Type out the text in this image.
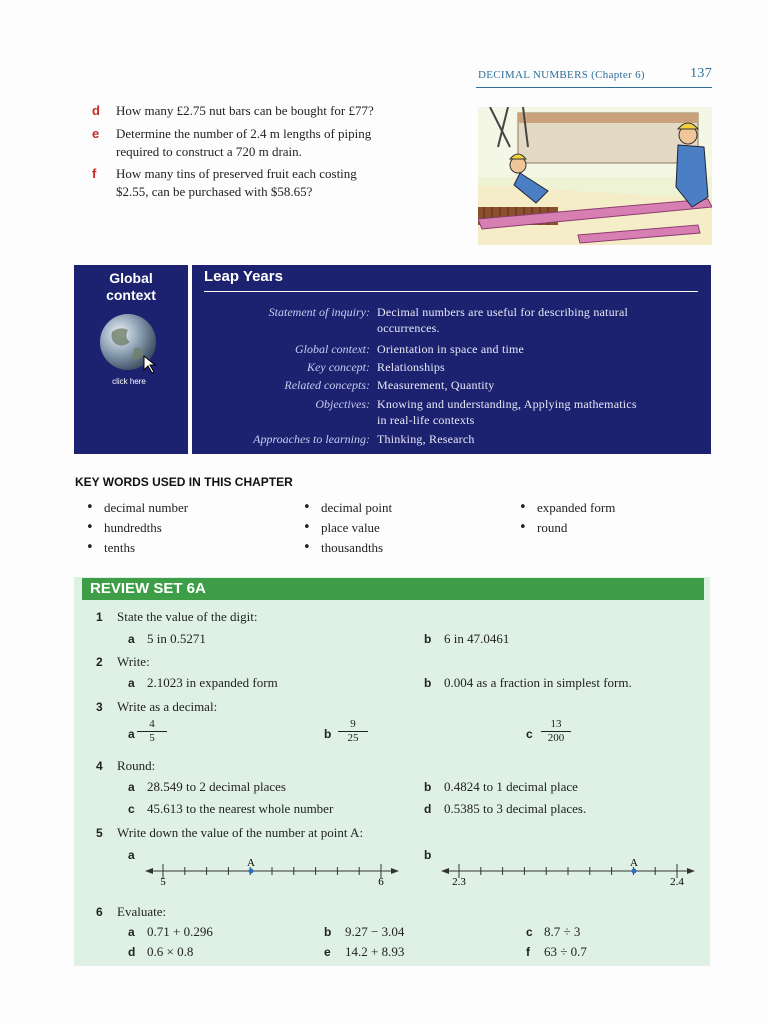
DECIMAL NUMBERS (Chapter 6)	137
d How many £2.75 nut bars can be bought for £77?
e Determine the number of 2.4 m lengths of piping
required to construct a 720 m drain.
f How many tins of preserved fruit each costing
$2.55, can be purchased with $58.65?
Global context
click here
Leap Years
Statement of inquiry: Decimal numbers are useful for describing natural
occurrences.
Global context: Orientation in space and time
Key concept: Relationships
Related concepts: Measurement, Quantity
Objectives: Knowing and understanding, Applying mathematics
in real-life contexts
Approaches to learning: Thinking, Research
KEY WORDS USED IN THIS CHAPTER
• decimal number
• hundredths
• tenths
• decimal point
• place value
• thousandths
• expanded form
• round
REVIEW SET 6A
1 State the value of the digit:
a 5 in 0.5271	b 6 in 47.0461
2 Write:
a 2.1023 in expanded form	b 0.004 as a fraction in simplest form.
3 Write as a decimal:
a $\frac{4}{5}$	b $\frac{9}{25}$	c $\frac{13}{200}$
4 Round:
a 28.549 to 2 decimal places	b 0.4824 to 1 decimal place
c 45.613 to the nearest whole number	d 0.5385 to 3 decimal places.
5 Write down the value of the number at point A:
a	b
A
5	6
A
2.3	2.4
6 Evaluate:
a 0.71 + 0.296	b 9.27 − 3.04	c 8.7 ÷ 3
d 0.6 × 0.8	e 14.2 + 8.93	f 63 ÷ 0.7
